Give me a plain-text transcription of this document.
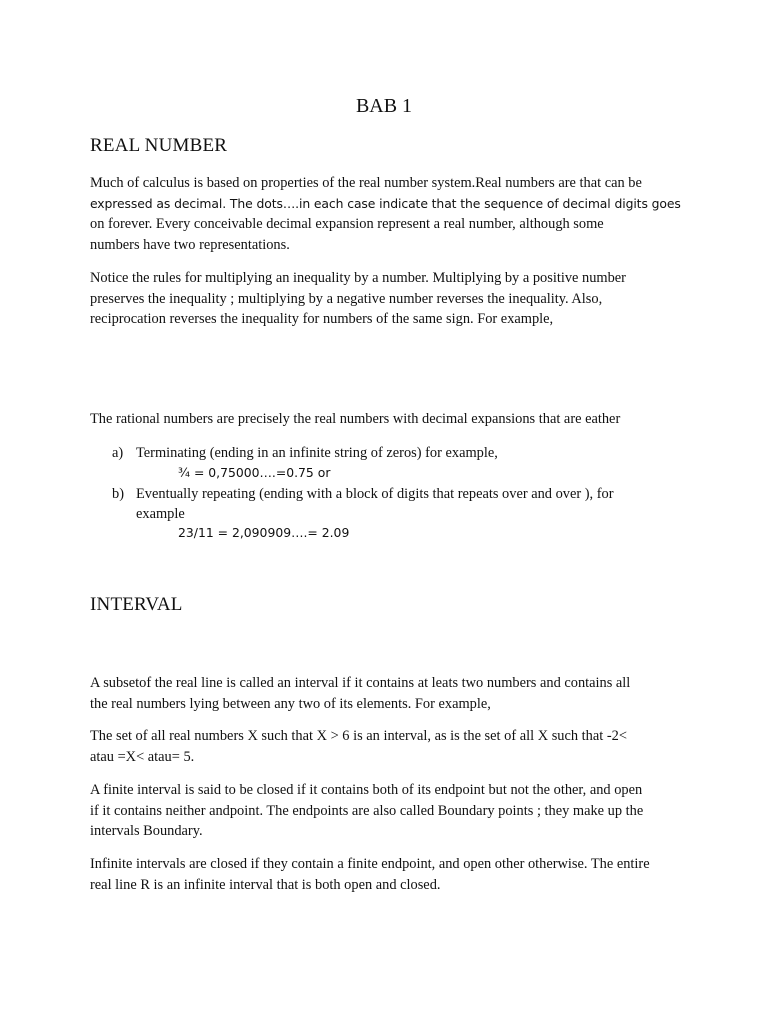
BAB 1
REAL NUMBER
Much of calculus is based on properties of the real number system.Real numbers are that can be
expressed as decimal. The dots….in each case indicate that the sequence of decimal digits goes
on forever. Every conceivable decimal expansion represent a real number, although some
numbers have two representations.
Notice the rules for multiplying an inequality by a number. Multiplying by a positive number
preserves the inequality ; multiplying by a negative number reverses the inequality. Also,
reciprocation reverses the inequality for numbers of the same sign. For example,
The rational numbers are precisely the real numbers with decimal expansions that are eather
a) Terminating (ending in an infinite string of zeros) for example,
¾ = 0,75000….=0.75 or
b) Eventually repeating (ending with a block of digits that repeats over and over ), for
example
23/11 = 2,090909….= 2.09
INTERVAL
A subsetof the real line is called an interval if it contains at leats two numbers and contains all
the real numbers lying between any two of its elements. For example,
The set of all real numbers X such that X > 6 is an interval, as is the set of all X such that -2<
atau =X< atau= 5.
A finite interval is said to be closed if it contains both of its endpoint but not the other, and open
if it contains neither andpoint. The endpoints are also called Boundary points ; they make up the
intervals Boundary.
Infinite intervals are closed if they contain a finite endpoint, and open other otherwise. The entire
real line R is an infinite interval that is both open and closed.
